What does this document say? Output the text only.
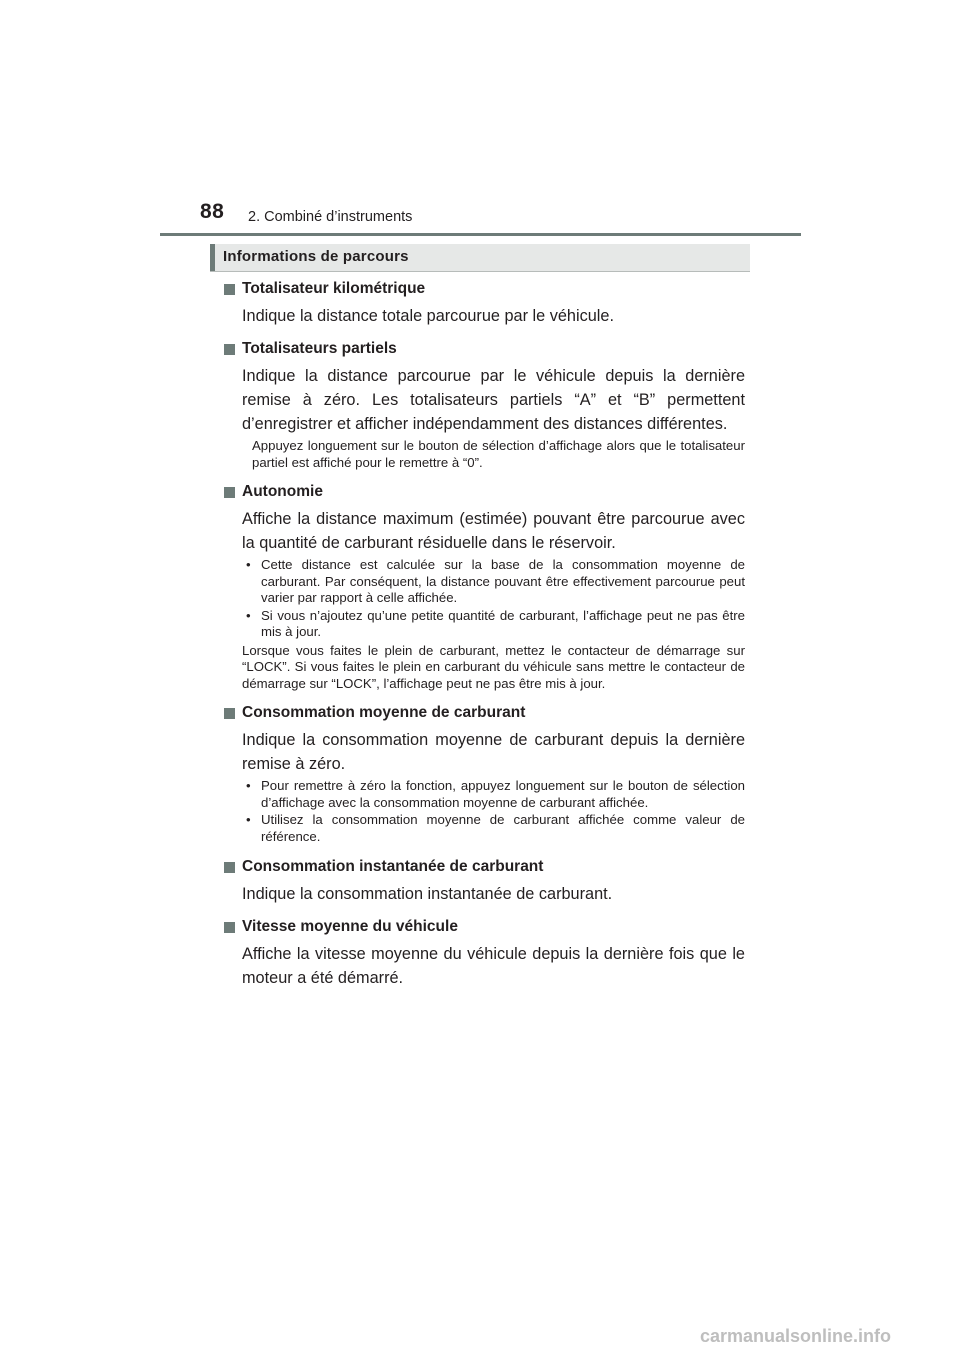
88 2. Combiné d’instruments
Informations de parcours
Totalisateur kilométrique

Indique la distance totale parcourue par le véhicule.

Totalisateurs partiels

Indique la distance parcourue par le véhicule depuis la dernière remise à zéro. Les totalisateurs partiels “A” et “B” permettent d’enregistrer et afficher indépendamment des distances différentes.

Appuyez longuement sur le bouton de sélection d’affichage alors que le totalisateur partiel est affiché pour le remettre à “0”.

Autonomie

Affiche la distance maximum (estimée) pouvant être parcourue avec la quantité de carburant résiduelle dans le réservoir.

• Cette distance est calculée sur la base de la consommation moyenne de carburant. Par conséquent, la distance pouvant être effectivement parcourue peut varier par rapport à celle affichée.
• Si vous n’ajoutez qu’une petite quantité de carburant, l’affichage peut ne pas être mis à jour.

Lorsque vous faites le plein de carburant, mettez le contacteur de démarrage sur “LOCK”. Si vous faites le plein en carburant du véhicule sans mettre le contacteur de démarrage sur “LOCK”, l’affichage peut ne pas être mis à jour.

Consommation moyenne de carburant

Indique la consommation moyenne de carburant depuis la dernière remise à zéro.

• Pour remettre à zéro la fonction, appuyez longuement sur le bouton de sélection d’affichage avec la consommation moyenne de carburant affichée.
• Utilisez la consommation moyenne de carburant affichée comme valeur de référence.
Consommation instantanée de carburant

Indique la consommation instantanée de carburant.

Vitesse moyenne du véhicule

Affiche la vitesse moyenne du véhicule depuis la dernière fois que le moteur a été démarré.

carmanualsonline.info
